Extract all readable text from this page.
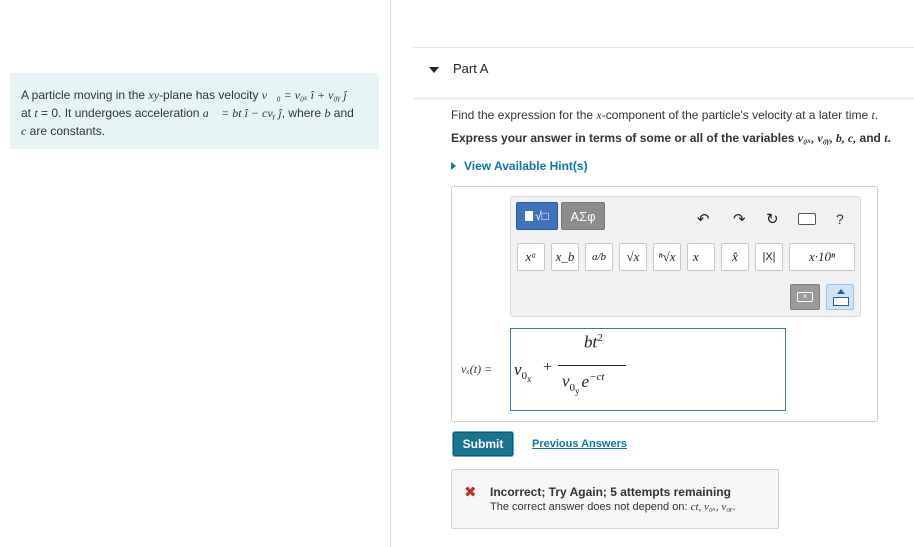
A particle moving in the xy-plane has velocity v⃗₀ = v₀ₓ î + v₀ᵧ ĵ
at t = 0. It undergoes acceleration a⃗ = bt î − cvᵧ ĵ, where b and
c are constants.
Part A
Find the expression for the x-component of the particle's velocity at a later time t.
Express your answer in terms of some or all of the variables v₀ₓ, v₀ᵧ, b, c, and t.
View Available Hint(s)
√□	ΑΣφ	↶ ↷ ↻	?
xᵃ x_b a/b √x ⁿ√x x⃗ x̂ |X|	x·10ⁿ
×
$v_x(t) = v_{0_x}$
+
$bt^2$
$v_{0_y}e^{-ct}$
Submit	Previous Answers
✖ Incorrect; Try Again; 5 attempts remaining
The correct answer does not depend on: ct, v₀ₓ, v₀ᵧ.
